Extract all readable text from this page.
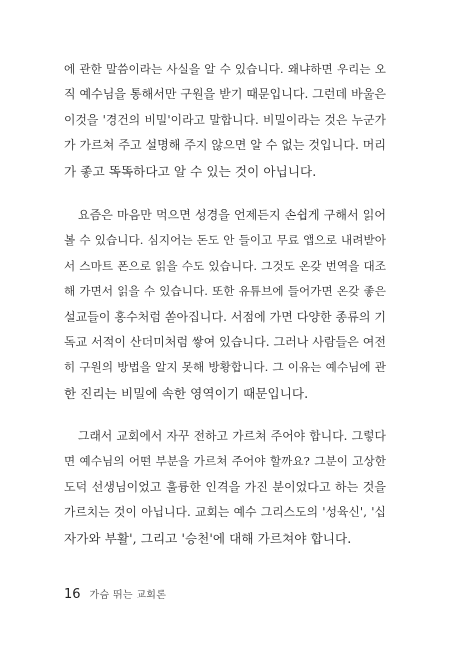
에 관한 말씀이라는 사실을 알 수 있습니다. 왜냐하면 우리는 오
직 예수님을 통해서만 구원을 받기 때문입니다. 그런데 바울은
이것을 '경건의 비밀'이라고 말합니다. 비밀이라는 것은 누군가
가 가르쳐 주고 설명해 주지 않으면 알 수 없는 것입니다. 머리
가 좋고 똑똑하다고 알 수 있는 것이 아닙니다.
요즘은 마음만 먹으면 성경을 언제든지 손쉽게 구해서 읽어
볼 수 있습니다. 심지어는 돈도 안 들이고 무료 앱으로 내려받아
서 스마트 폰으로 읽을 수도 있습니다. 그것도 온갖 번역을 대조
해 가면서 읽을 수 있습니다. 또한 유튜브에 들어가면 온갖 좋은
설교들이 홍수처럼 쏟아집니다. 서점에 가면 다양한 종류의 기
독교 서적이 산더미처럼 쌓여 있습니다. 그러나 사람들은 여전
히 구원의 방법을 알지 못해 방황합니다. 그 이유는 예수님에 관
한 진리는 비밀에 속한 영역이기 때문입니다.
그래서 교회에서 자꾸 전하고 가르쳐 주어야 합니다. 그렇다
면 예수님의 어떤 부분을 가르쳐 주어야 할까요? 그분이 고상한
도덕 선생님이었고 훌륭한 인격을 가진 분이었다고 하는 것을
가르치는 것이 아닙니다. 교회는 예수 그리스도의 '성육신', '십
자가와 부활', 그리고 '승천'에 대해 가르쳐야 합니다.
16 가슴 뛰는 교회론
